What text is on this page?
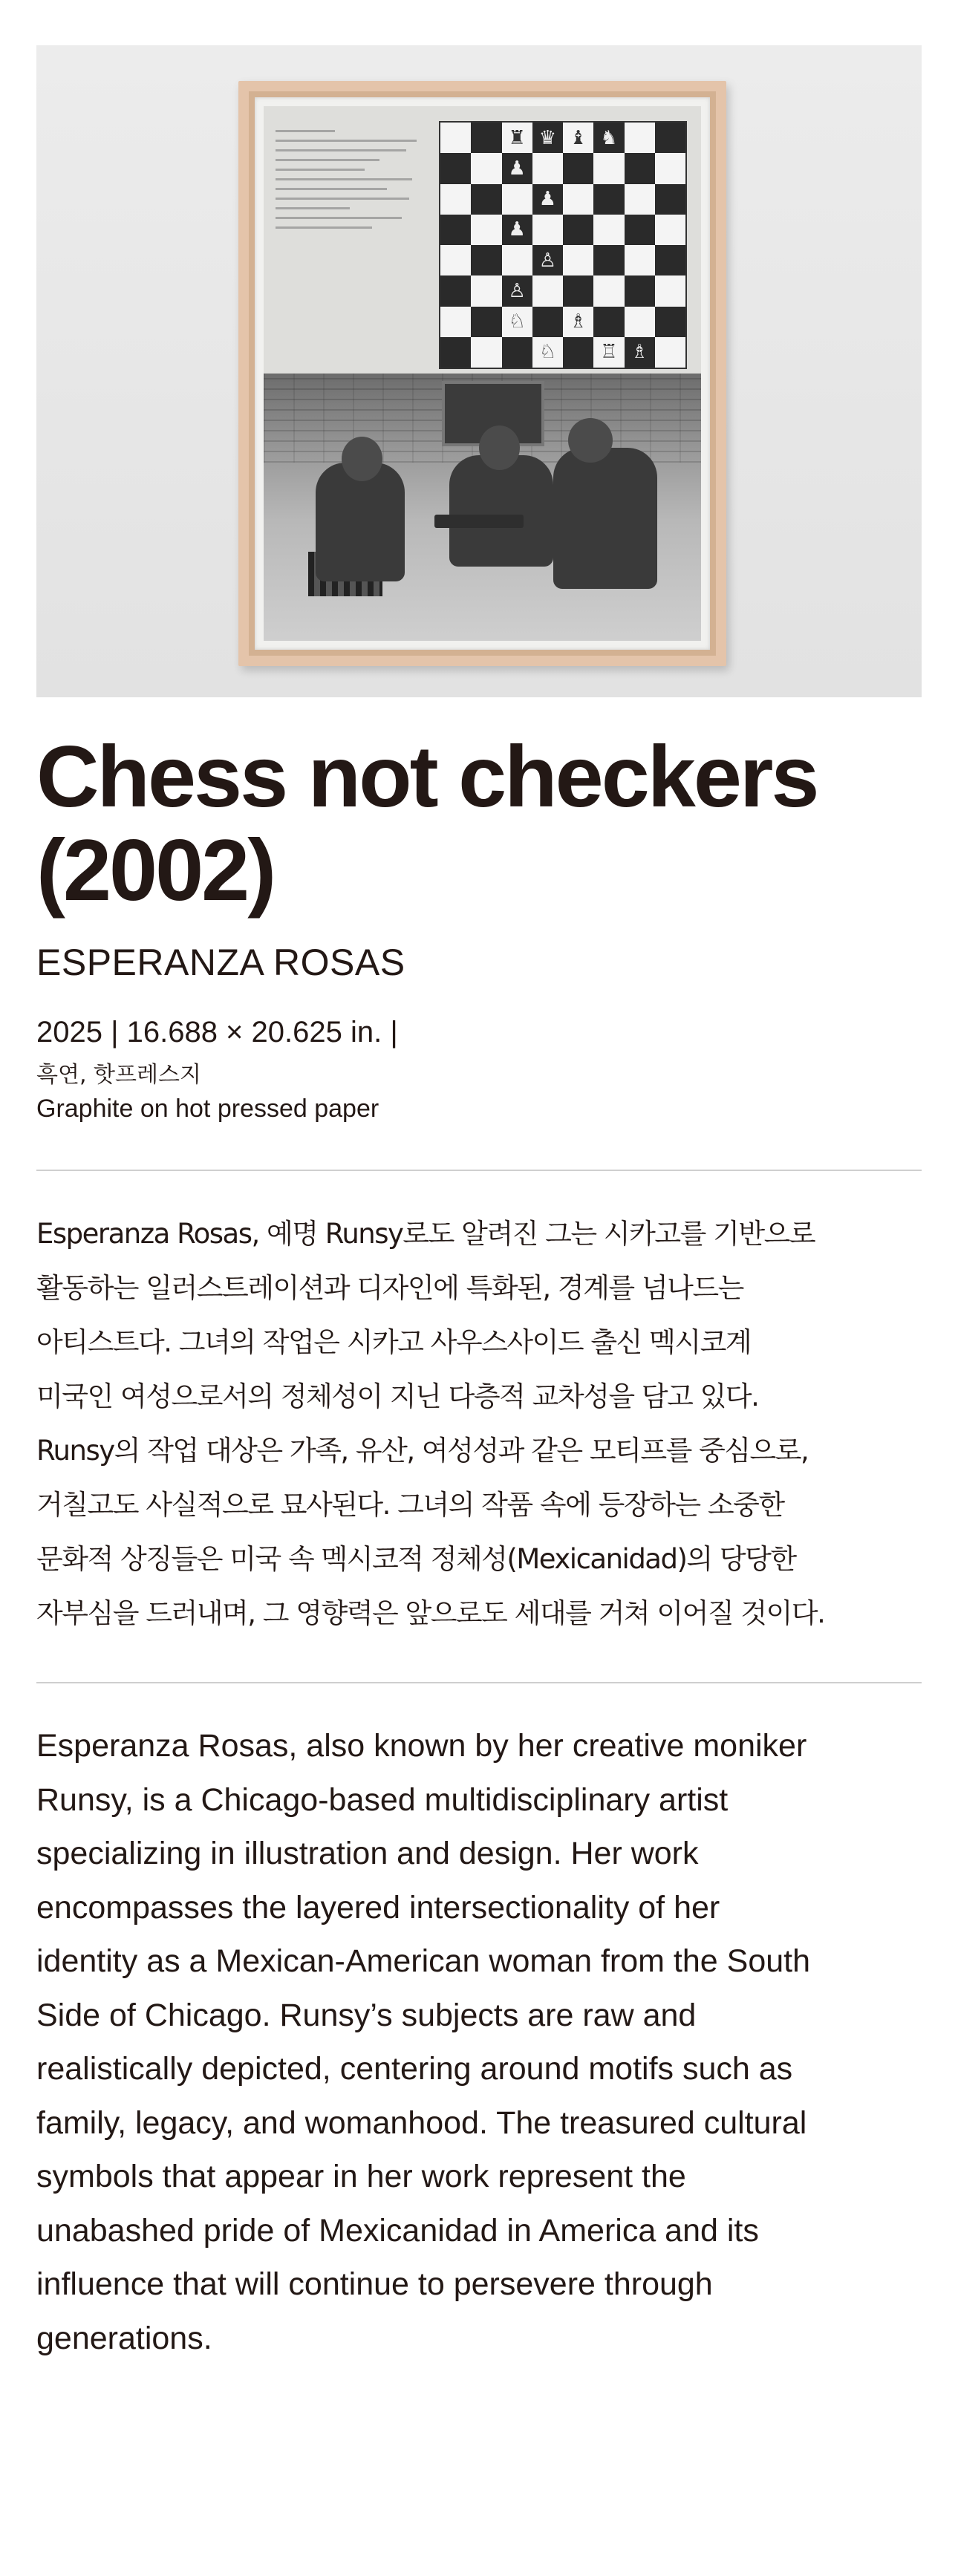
♜ ♛ ♝ ♞
♟
♟
♟
♙
♙
♘	♗
♘	♖ ♗
Chess not checkers (2002)
ESPERANZA ROSAS

2025 | 16.688 × 20.625 in. |

흑연, 핫프레스지

Graphite on hot pressed paper

Esperanza Rosas, 예명 Runsy로도 알려진 그는 시카고를 기반으로
활동하는 일러스트레이션과 디자인에 특화된, 경계를 넘나드는
아티스트다. 그녀의 작업은 시카고 사우스사이드 출신 멕시코계
미국인 여성으로서의 정체성이 지닌 다층적 교차성을 담고 있다.
Runsy의 작업 대상은 가족, 유산, 여성성과 같은 모티프를 중심으로,
거칠고도 사실적으로 묘사된다. 그녀의 작품 속에 등장하는 소중한
문화적 상징들은 미국 속 멕시코적 정체성(Mexicanidad)의 당당한
자부심을 드러내며, 그 영향력은 앞으로도 세대를 거쳐 이어질 것이다.

Esperanza Rosas, also known by her creative moniker
Runsy, is a Chicago-based multidisciplinary artist
specializing in illustration and design. Her work
encompasses the layered intersectionality of her
identity as a Mexican-American woman from the South
Side of Chicago. Runsy’s subjects are raw and
realistically depicted, centering around motifs such as
family, legacy, and womanhood. The treasured cultural
symbols that appear in her work represent the
unabashed pride of Mexicanidad in America and its
influence that will continue to persevere through
generations.
